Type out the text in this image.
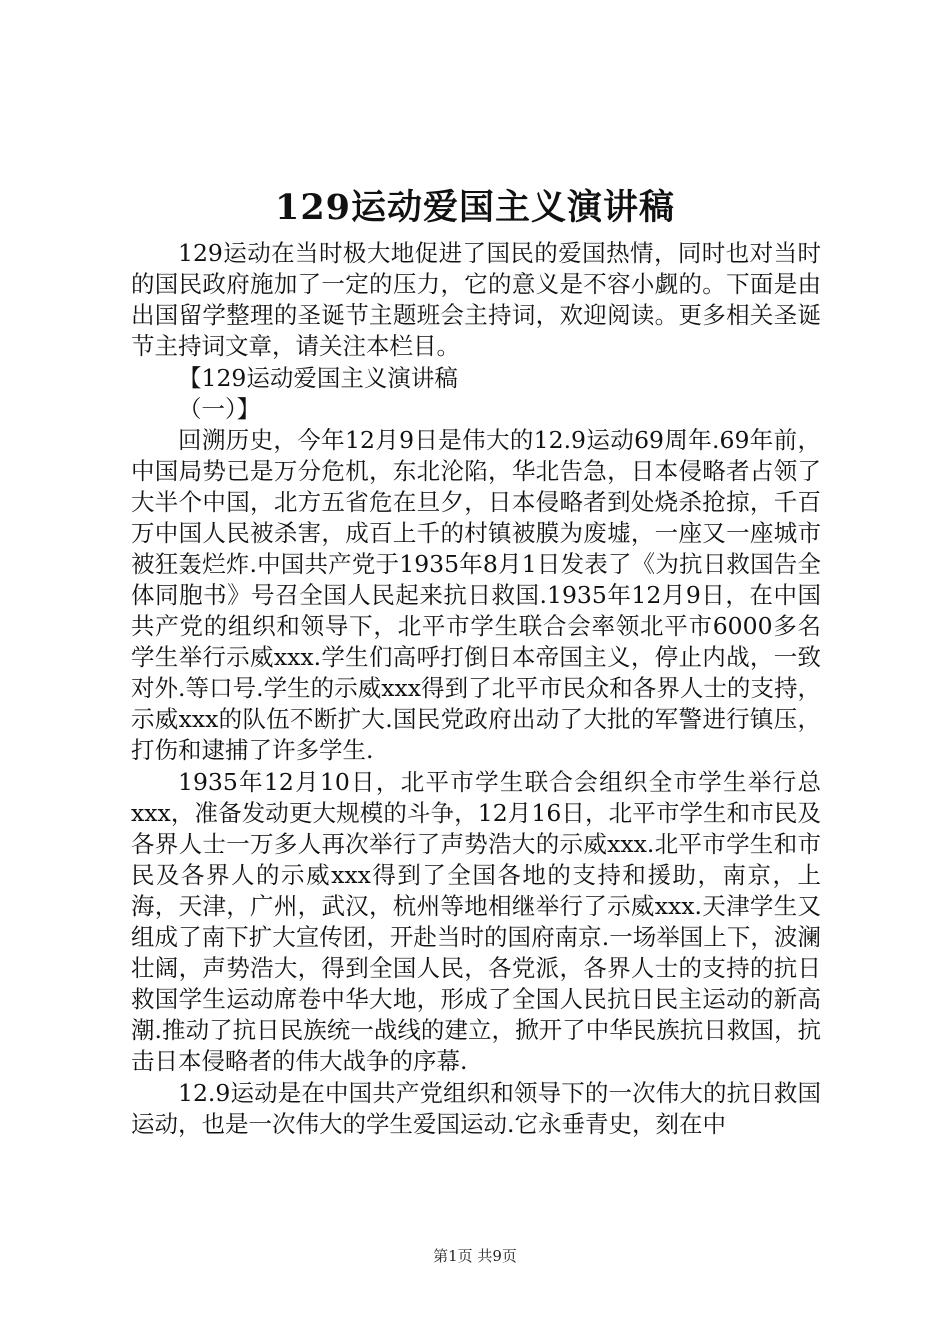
129运动爱国主义演讲稿

129运动在当时极大地促进了国民的爱国热情，同时也对当时的国民政府施加了一定的压力，它的意义是不容小觑的。下面是由出国留学整理的圣诞节主题班会主持词，欢迎阅读。更多相关圣诞节主持词文章，请关注本栏目。

【129运动爱国主义演讲稿

（一）】

回溯历史，今年12月9日是伟大的12.9运动69周年.69年前，中国局势已是万分危机，东北沦陷，华北告急，日本侵略者占领了大半个中国，北方五省危在旦夕，日本侵略者到处烧杀抢掠，千百万中国人民被杀害，成百上千的村镇被膜为废墟，一座又一座城市被狂轰烂炸.中国共产党于1935年8月1日发表了《为抗日救国告全体同胞书》号召全国人民起来抗日救国.1935年12月9日，在中国共产党的组织和领导下，北平市学生联合会率领北平市6000多名学生举行示威xxx.学生们高呼打倒日本帝国主义，停止内战，一致对外.等口号.学生的示威xxx得到了北平市民众和各界人士的支持，示威xxx的队伍不断扩大.国民党政府出动了大批的军警进行镇压，打伤和逮捕了许多学生.

1935年12月10日，北平市学生联合会组织全市学生举行总xxx，准备发动更大规模的斗争，12月16日，北平市学生和市民及各界人士一万多人再次举行了声势浩大的示威xxx.北平市学生和市民及各界人的示威xxx得到了全国各地的支持和援助，南京，上海，天津，广州，武汉，杭州等地相继举行了示威xxx.天津学生又组成了南下扩大宣传团，开赴当时的国府南京.一场举国上下，波澜壮阔，声势浩大，得到全国人民，各党派，各界人士的支持的抗日救国学生运动席卷中华大地，形成了全国人民抗日民主运动的新高潮.推动了抗日民族统一战线的建立，掀开了中华民族抗日救国，抗击日本侵略者的伟大战争的序幕.

12.9运动是在中国共产党组织和领导下的一次伟大的抗日救国运动，也是一次伟大的学生爱国运动.它永垂青史，刻在中

第1页 共9页
